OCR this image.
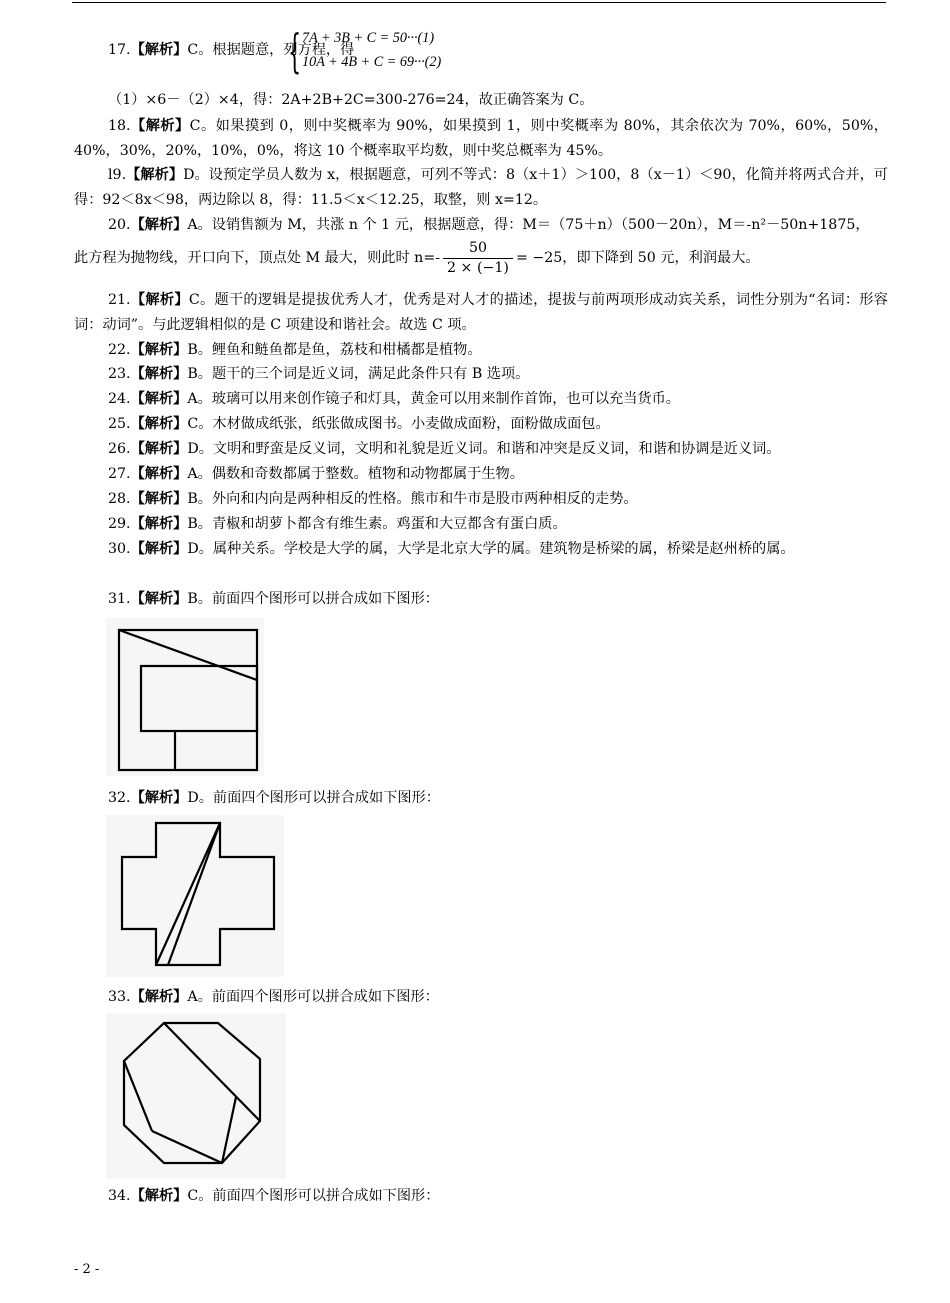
17.【解析】C。根据题意，列方程，得
{ 7A + 3B + C = 50···(1)
10A + 4B + C = 69···(2)
（1）×6－（2）×4，得：2A+2B+2C=300-276=24，故正确答案为 C。
18.【解析】C。如果摸到 0，则中奖概率为 90%，如果摸到 1，则中奖概率为 80%，其余依次为 70%，60%，50%，40%，30%，20%，10%，0%，将这 10 个概率取平均数，则中奖总概率为 45%。
l9.【解析】D。设预定学员人数为 x，根据题意，可列不等式：8（x＋1）＞100，8（x－1）＜90，化简并将两式合并，可得：92＜8x＜98，两边除以 8，得：11.5＜x＜12.25，取整，则 x=12。
20.【解析】A。设销售额为 M，共涨 n 个 1 元，根据题意，得：M＝（75＋n）（500－20n），M＝-n²－50n+1875，
此方程为抛物线，开口向下，顶点处 M 最大，则此时 $n=- \frac{50}{2 \times (-1)} = -25$，即下降到 50 元，利润最大。
21.【解析】C。题干的逻辑是提拔优秀人才，优秀是对人才的描述，提拔与前两项形成动宾关系，词性分别为“名词：形容词：动词”。与此逻辑相似的是 C 项建设和谐社会。故选 C 项。
22.【解析】B。鲤鱼和鲢鱼都是鱼，荔枝和柑橘都是植物。
23.【解析】B。题干的三个词是近义词，满足此条件只有 B 选项。
24.【解析】A。玻璃可以用来创作镜子和灯具，黄金可以用来制作首饰，也可以充当货币。
25.【解析】C。木材做成纸张，纸张做成图书。小麦做成面粉，面粉做成面包。
26.【解析】D。文明和野蛮是反义词，文明和礼貌是近义词。和谐和冲突是反义词，和谐和协调是近义词。
27.【解析】A。偶数和奇数都属于整数。植物和动物都属于生物。
28.【解析】B。外向和内向是两种相反的性格。熊市和牛市是股市两种相反的走势。
29.【解析】B。青椒和胡萝卜都含有维生素。鸡蛋和大豆都含有蛋白质。
30.【解析】D。属种关系。学校是大学的属，大学是北京大学的属。建筑物是桥梁的属，桥梁是赵州桥的属。
31.【解析】B。前面四个图形可以拼合成如下图形：
32.【解析】D。前面四个图形可以拼合成如下图形：
33.【解析】A。前面四个图形可以拼合成如下图形：
34.【解析】C。前面四个图形可以拼合成如下图形：
- 2 -
